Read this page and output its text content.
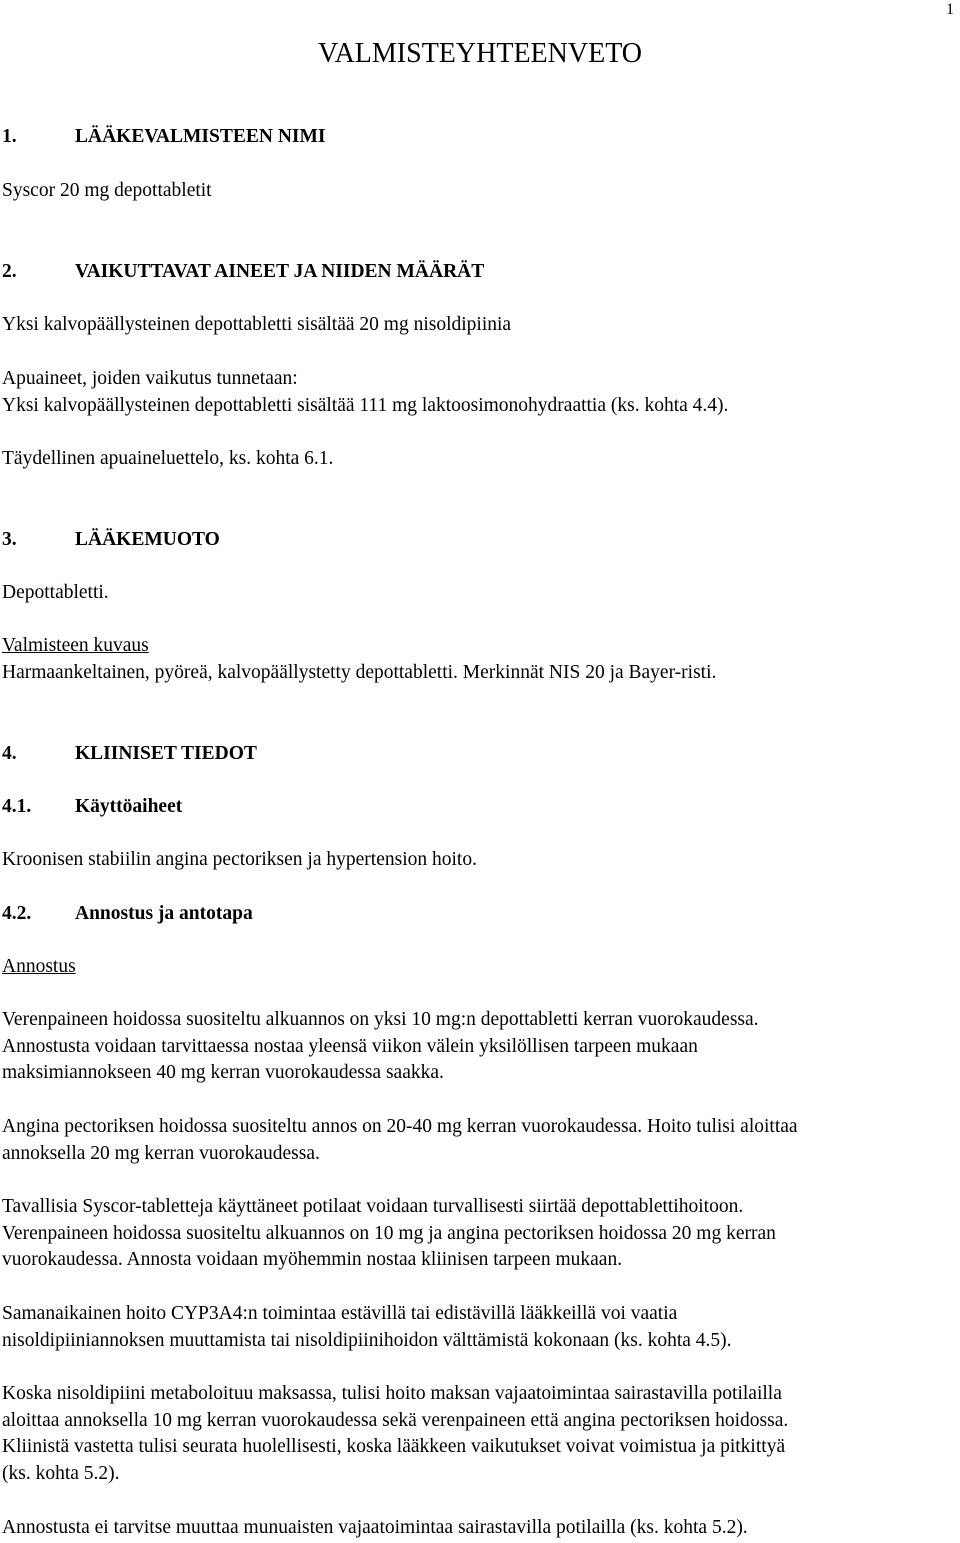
1
VALMISTEYHTEENVETO
1.	LÄÄKEVALMISTEEN NIMI

Syscor 20 mg depottabletit

2.	VAIKUTTAVAT AINEET JA NIIDEN MÄÄRÄT

Yksi kalvopäällysteinen depottabletti sisältää 20 mg nisoldipiinia

Apuaineet, joiden vaikutus tunnetaan:

Yksi kalvopäällysteinen depottabletti sisältää 111 mg laktoosimonohydraattia (ks. kohta 4.4).

Täydellinen apuaineluettelo, ks. kohta 6.1.

3.	LÄÄKEMUOTO

Depottabletti.

Valmisteen kuvaus

Harmaankeltainen, pyöreä, kalvopäällystetty depottabletti. Merkinnät NIS 20 ja Bayer-risti.

4.	KLIINISET TIEDOT
4.1. Käyttöaiheet

Kroonisen stabiilin angina pectoriksen ja hypertension hoito.

4.2. Annostus ja antotapa

Annostus

Verenpaineen hoidossa suositeltu alkuannos on yksi 10 mg:n depottabletti kerran vuorokaudessa.

Annostusta voidaan tarvittaessa nostaa yleensä viikon välein yksilöllisen tarpeen mukaan

maksimiannokseen 40 mg kerran vuorokaudessa saakka.

Angina pectoriksen hoidossa suositeltu annos on 20-40 mg kerran vuorokaudessa. Hoito tulisi aloittaa

annoksella 20 mg kerran vuorokaudessa.

Tavallisia Syscor-tabletteja käyttäneet potilaat voidaan turvallisesti siirtää depottablettihoitoon.

Verenpaineen hoidossa suositeltu alkuannos on 10 mg ja angina pectoriksen hoidossa 20 mg kerran

vuorokaudessa. Annosta voidaan myöhemmin nostaa kliinisen tarpeen mukaan.

Samanaikainen hoito CYP3A4:n toimintaa estävillä tai edistävillä lääkkeillä voi vaatia

nisoldipiiniannoksen muuttamista tai nisoldipiinihoidon välttämistä kokonaan (ks. kohta 4.5).

Koska nisoldipiini metaboloituu maksassa, tulisi hoito maksan vajaatoimintaa sairastavilla potilailla

aloittaa annoksella 10 mg kerran vuorokaudessa sekä verenpaineen että angina pectoriksen hoidossa.

Kliinistä vastetta tulisi seurata huolellisesti, koska lääkkeen vaikutukset voivat voimistua ja pitkittyä

(ks. kohta 5.2).

Annostusta ei tarvitse muuttaa munuaisten vajaatoimintaa sairastavilla potilailla (ks. kohta 5.2).
